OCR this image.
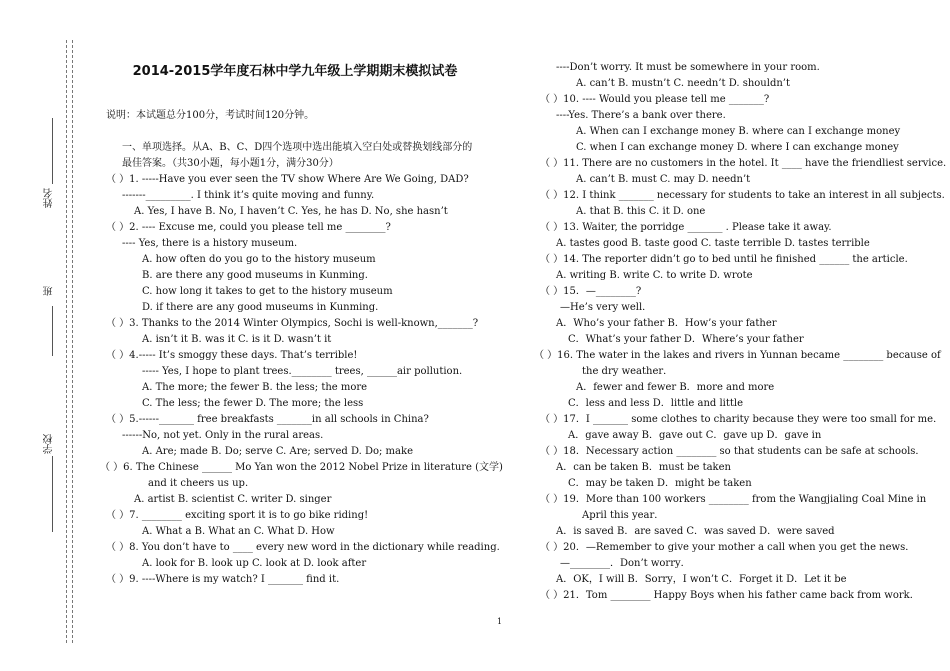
姓名
班
学校
2014-2015学年度石林中学九年级上学期期末模拟试卷
说明：本试题总分100分，考试时间120分钟。
一、单项选择。从A、B、C、D四个选项中选出能填入空白处或替换划线部分的最佳答案。（共30小题，每小题1分，满分30分）
（ ）1. -----Have you ever seen the TV show Where Are We Going, DAD?
-------_________. I think it’s quite moving and funny.
A. Yes, I have B. No, I haven’t C. Yes, he has D. No, she hasn’t
（ ）2. ---- Excuse me, could you please tell me ________?
---- Yes, there is a history museum.
A. how often do you go to the history museum
B. are there any good museums in Kunming.
C. how long it takes to get to the history museum
D. if there are any good museums in Kunming.
（ ）3. Thanks to the 2014 Winter Olympics, Sochi is well-known,_______?
A. isn’t it B. was it C. is it D. wasn’t it
（ ）4.----- It’s smoggy these days. That’s terrible!
----- Yes, I hope to plant trees.________ trees, ______air pollution.
A. The more; the fewer B. the less; the more
C. The less; the fewer D. The more; the less
（ ）5.------_______ free breakfasts _______in all schools in China?
------No, not yet. Only in the rural areas.
A. Are; made B. Do; serve C. Are; served D. Do; make
（ ）6. The Chinese ______ Mo Yan won the 2012 Nobel Prize in literature (文学)
and it cheers us up.
A. artist B. scientist C. writer D. singer
（ ）7. ________ exciting sport it is to go bike riding!
A. What a B. What an C. What D. How
（ ）8. You don’t have to ____ every new word in the dictionary while reading.
A. look for B. look up C. look at D. look after
（ ）9. ----Where is my watch? I _______ find it.
----Don’t worry. It must be somewhere in your room.
A. can’t B. mustn’t C. needn’t D. shouldn’t
（ ）10. ---- Would you please tell me _______?
----Yes. There’s a bank over there.
A. When can I exchange money B. where can I exchange money
C. when I can exchange money D. where I can exchange money
（ ）11. There are no customers in the hotel. It ____ have the friendliest service.
A. can’t B. must C. may D. needn’t
（ ）12. I think _______ necessary for students to take an interest in all subjects.
A. that B. this C. it D. one
（ ）13. Waiter, the porridge _______ . Please take it away.
A. tastes good B. taste good C. taste terrible D. tastes terrible
（ ）14. The reporter didn’t go to bed until he finished ______ the article.
A. writing B. write C. to write D. wrote
（ ）15．—________?
—He’s very well．
A．Who’s your father B．How’s your father
C．What’s your father D．Where’s your father
（ ）16. The water in the lakes and rivers in Yunnan became ________ because of
the dry weather．
A．fewer and fewer B．more and more
C．less and less D．little and little
（ ）17．I _______ some clothes to charity because they were too small for me．
A．gave away B．gave out C．gave up D．gave in
（ ）18．Necessary action ________ so that students can be safe at schools．
A．can be taken B．must be taken
C．may be taken D．might be taken
（ ）19．More than 100 workers ________ from the Wangjialing Coal Mine in
April this year．
A．is saved B．are saved C．was saved D．were saved
（ ）20．—Remember to give your mother a call when you get the news．
—________．Don’t worry．
A．OK，I will B．Sorry，I won’t C．Forget it D．Let it be
（ ）21．Tom ________ Happy Boys when his father came back from work．
1
